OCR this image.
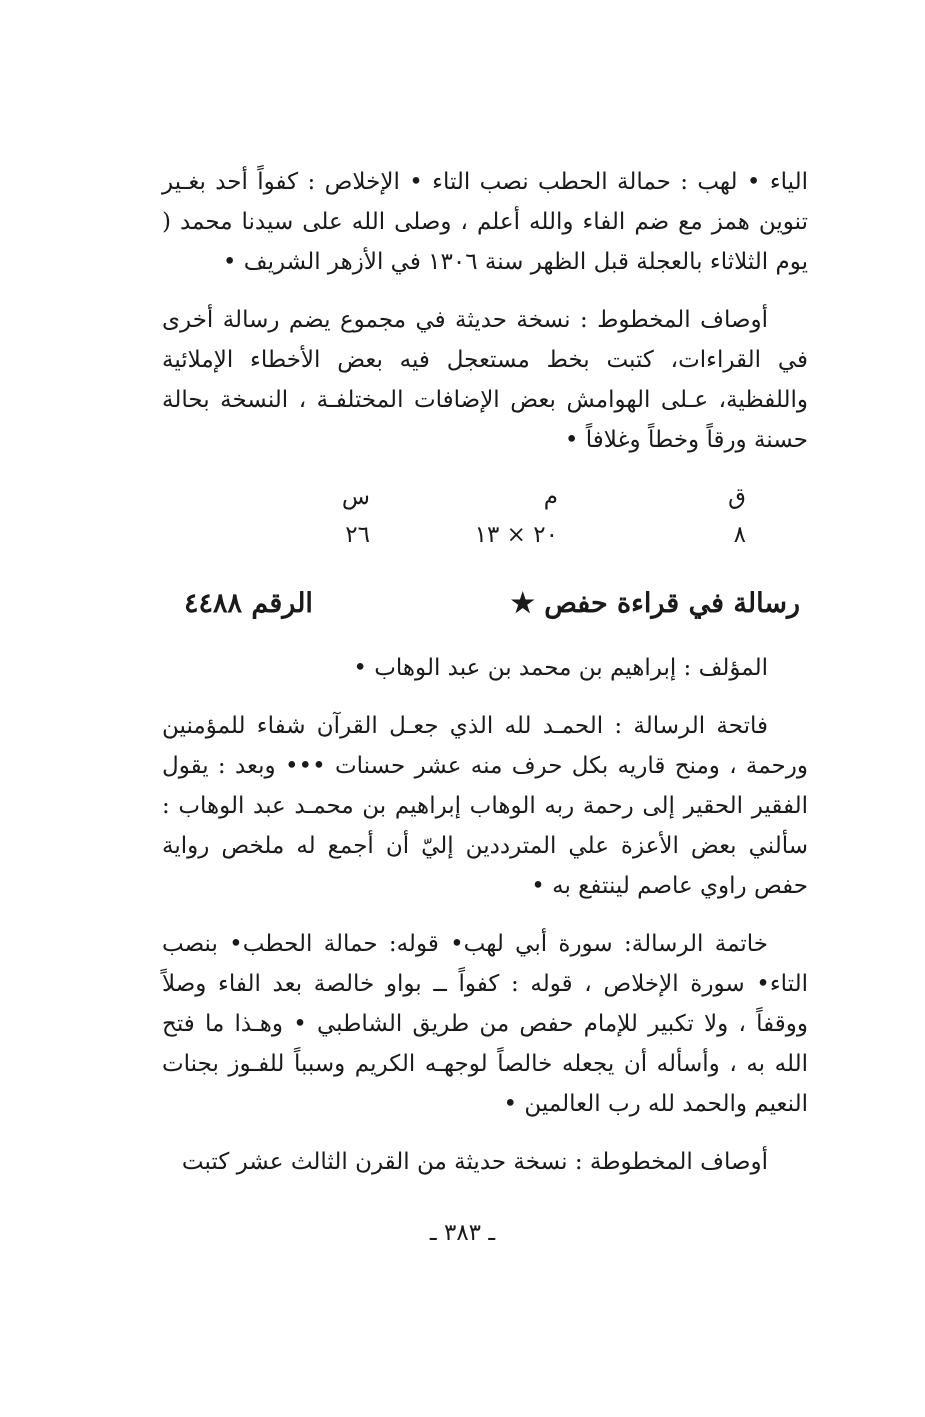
الياء • لهب : حمالة الحطب نصب التاء • الإخلاص : كفواً أحد بغـير تنوين همز مع ضم الفاء والله أعلم ، وصلى الله على سيدنا محمد ( يوم الثلاثاء بالعجلة قبل الظهر سنة ١٣٠٦ في الأزهر الشريف •

أوصاف المخطوط : نسخة حديثة في مجموع يضم رسالة أخرى في القراءات، كتبت بخط مستعجل فيه بعض الأخطاء الإملائية واللفظية، عـلى الهوامش بعض الإضافات المختلفـة ، النسخة بحالة حسنة ورقاً وخطاً وغلافاً •

ق
م
س
٨
٢٠ × ١٣
٢٦
رسالة في قراءة حفص ★
الرقم ٤٤٨٨

المؤلف : إبراهيم بن محمد بن عبد الوهاب •

فاتحة الرسالة : الحمـد لله الذي جعـل القرآن شفاء للمؤمنين ورحمة ، ومنح قاريه بكل حرف منه عشر حسنات ••• وبعد : يقول الفقير الحقير إلى رحمة ربه الوهاب إبراهيم بن محمـد عبد الوهاب : سألني بعض الأعزة علي المترددين إليّ أن أجمع له ملخص رواية حفص راوي عاصم لينتفع به •

خاتمة الرسالة: سورة أبي لهب• قوله: حمالة الحطب• بنصب التاء• سورة الإخلاص ، قوله : كفواً ــ بواو خالصة بعد الفاء وصلاً ووقفاً ، ولا تكبير للإمام حفص من طريق الشاطبي • وهـذا ما فتح الله به ، وأسأله أن يجعله خالصاً لوجهـه الكريم وسبباً للفـوز بجنات النعيم والحمد لله رب العالمين •

أوصاف المخطوطة : نسخة حديثة من القرن الثالث عشر كتبت

ـ ٣٨٣ ـ
